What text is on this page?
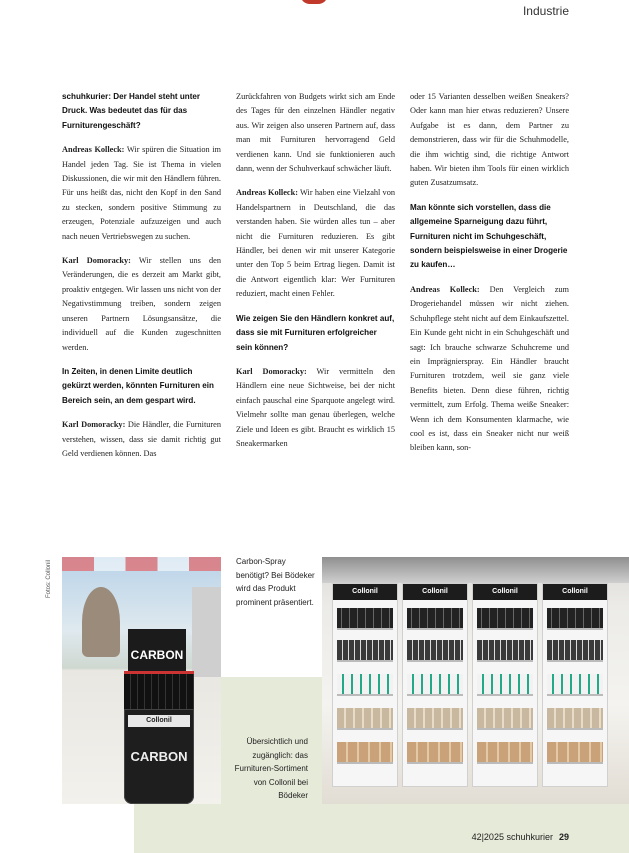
Industrie

schuhkurier: Der Handel steht unter Druck. Was bedeutet das für das Furniturengeschäft?

Andreas Kolleck: Wir spüren die Situation im Handel jeden Tag. Sie ist Thema in vielen Diskussionen, die wir mit den Händlern führen. Für uns heißt das, nicht den Kopf in den Sand zu stecken, sondern positive Stimmung zu erzeugen, Potenziale aufzuzeigen und auch nach neuen Vertriebswegen zu suchen.

Karl Domoracky: Wir stellen uns den Veränderungen, die es derzeit am Markt gibt, proaktiv entgegen. Wir lassen uns nicht von der Negativstimmung treiben, sondern zeigen unseren Partnern Lösungsansätze, die individuell auf die Kunden zugeschnitten werden.

In Zeiten, in denen Limite deutlich gekürzt werden, könnten Furnituren ein Bereich sein, an dem gespart wird.

Karl Domoracky: Die Händler, die Furnituren verstehen, wissen, dass sie damit richtig gut Geld verdienen können. Das

Zurückfahren von Budgets wirkt sich am Ende des Tages für den einzelnen Händler negativ aus. Wir zeigen also unseren Partnern auf, dass man mit Furnituren hervorragend Geld verdienen kann. Und sie funktionieren auch dann, wenn der Schuhverkauf schwächer läuft.

Andreas Kolleck: Wir haben eine Vielzahl von Handelspartnern in Deutschland, die das verstanden haben. Sie würden alles tun – aber nicht die Furnituren reduzieren. Es gibt Händler, bei denen wir mit unserer Kategorie unter den Top 5 beim Ertrag liegen. Damit ist die Antwort eigentlich klar: Wer Furnituren reduziert, macht einen Fehler.

Wie zeigen Sie den Händlern konkret auf, dass sie mit Furnituren erfolgreicher sein können?

Karl Domoracky: Wir vermitteln den Händlern eine neue Sichtweise, bei der nicht einfach pauschal eine Sparquote angelegt wird. Vielmehr sollte man genau überlegen, welche Ziele und Ideen es gibt. Braucht es wirklich 15 Sneakermarken

oder 15 Varianten desselben weißen Sneakers? Oder kann man hier etwas reduzieren? Unsere Aufgabe ist es dann, dem Partner zu demonstrieren, dass wir für die Schuhmodelle, die ihm wichtig sind, die richtige Antwort haben. Wir bieten ihm Tools für einen wirklich guten Zusatzumsatz.

Man könnte sich vorstellen, dass die allgemeine Sparneigung dazu führt, Furnituren nicht im Schuhgeschäft, sondern beispielsweise in einer Drogerie zu kaufen…

Andreas Kolleck: Den Vergleich zum Drogeriehandel müssen wir nicht ziehen. Schuhpflege steht nicht auf dem Einkaufszettel. Ein Kunde geht nicht in ein Schuhgeschäft und sagt: Ich brauche schwarze Schuhcreme und ein Imprägnierspray. Ein Händler braucht Furnituren trotzdem, weil sie ganz viele Benefits bieten. Denn diese führen, richtig vermittelt, zum Erfolg. Thema weiße Sneaker: Wenn ich dem Konsumenten klarmache, wie cool es ist, dass ein Sneaker nicht nur weiß bleiben kann, son-

Fotos: Collonil
CARBON
Collonil
CARBON
Carbon-Spray benötigt? Bei Bödeker wird das Produkt prominent präsentiert.
Übersichtlich und zugänglich: das Furnituren-Sortiment von Collonil bei Bödeker
Collonil	Collonil	Collonil	Collonil
42|2025 schuhkurier 29
